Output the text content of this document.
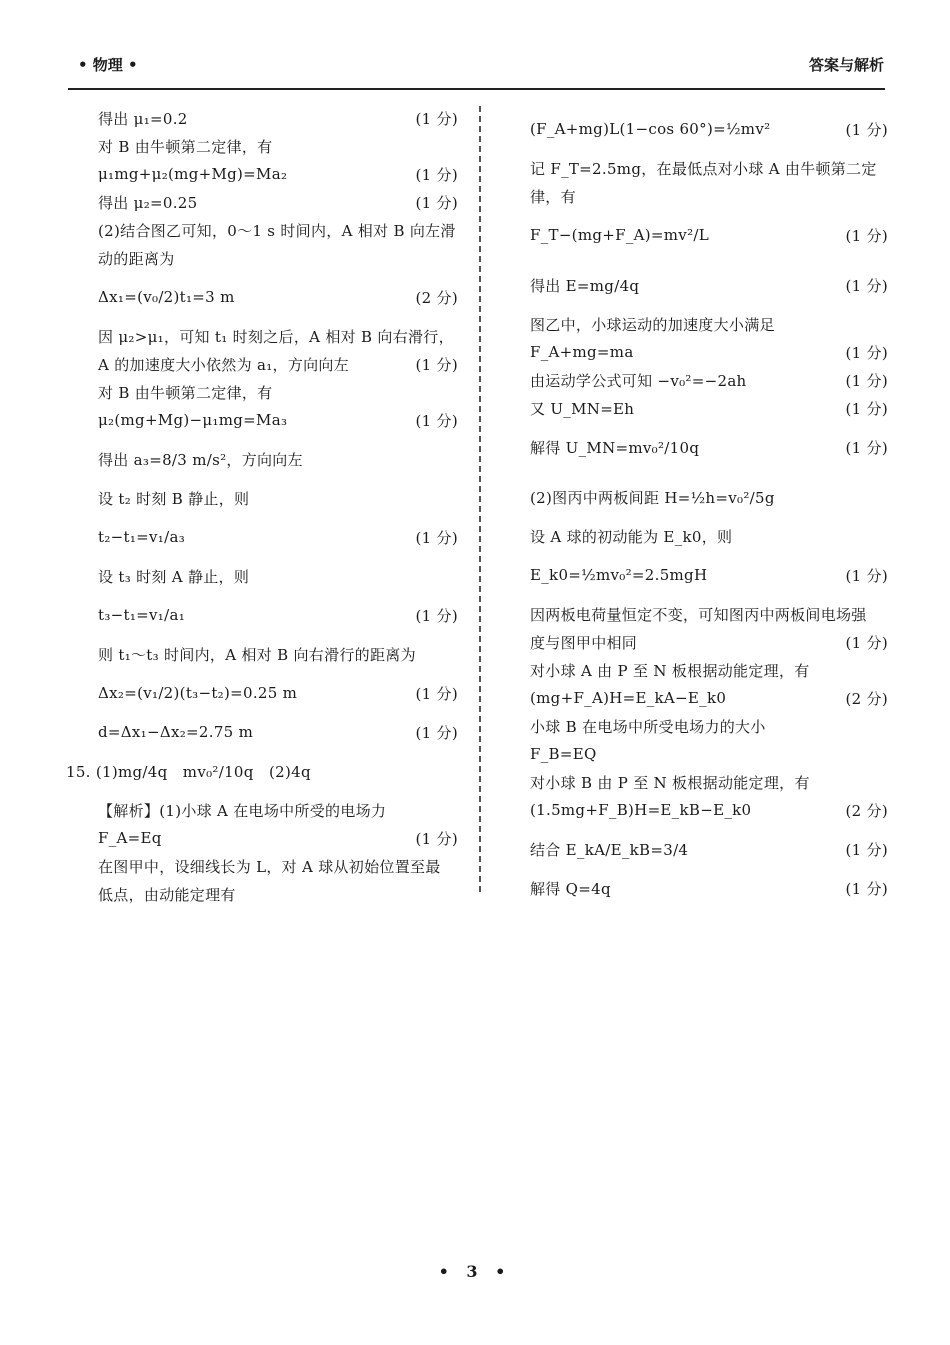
• 物理 •	答案与解析
得出 μ₁=0.2	(1 分)
对 B 由牛顿第二定律，有
μ₁mg+μ₂(mg+Mg)=Ma₂	(1 分)
得出 μ₂=0.25	(1 分)
(2)结合图乙可知，0～1 s 时间内，A 相对 B 向左滑
动的距离为
Δx₁=(v₀/2)t₁=3 m	(2 分)
因 μ₂>μ₁，可知 t₁ 时刻之后，A 相对 B 向右滑行，
A 的加速度大小依然为 a₁，方向向左	(1 分)
对 B 由牛顿第二定律，有
μ₂(mg+Mg)−μ₁mg=Ma₃	(1 分)
得出 a₃=8/3 m/s²，方向向左
设 t₂ 时刻 B 静止，则
t₂−t₁=v₁/a₃	(1 分)
设 t₃ 时刻 A 静止，则
t₃−t₁=v₁/a₁	(1 分)
则 t₁～t₃ 时间内，A 相对 B 向右滑行的距离为
Δx₂=(v₁/2)(t₃−t₂)=0.25 m	(1 分)
d=Δx₁−Δx₂=2.75 m	(1 分)
15. (1)mg/4q　mv₀²/10q　(2)4q
【解析】(1)小球 A 在电场中所受的电场力
F_A=Eq	(1 分)
在图甲中，设细线长为 L，对 A 球从初始位置至最
低点，由动能定理有
(F_A+mg)L(1−cos 60°)=½mv²	(1 分)
记 F_T=2.5mg，在最低点对小球 A 由牛顿第二定
律，有
F_T−(mg+F_A)=mv²/L	(1 分)
得出 E=mg/4q	(1 分)
图乙中，小球运动的加速度大小满足
F_A+mg=ma	(1 分)
由运动学公式可知 −v₀²=−2ah	(1 分)
又 U_MN=Eh	(1 分)
解得 U_MN=mv₀²/10q	(1 分)
(2)图丙中两板间距 H=½h=v₀²/5g
设 A 球的初动能为 E_k0，则
E_k0=½mv₀²=2.5mgH	(1 分)
因两板电荷量恒定不变，可知图丙中两板间电场强
度与图甲中相同	(1 分)
对小球 A 由 P 至 N 板根据动能定理，有
(mg+F_A)H=E_kA−E_k0	(2 分)
小球 B 在电场中所受电场力的大小
F_B=EQ
对小球 B 由 P 至 N 板根据动能定理，有
(1.5mg+F_B)H=E_kB−E_k0	(2 分)
结合 E_kA/E_kB=3/4	(1 分)
解得 Q=4q	(1 分)
• 3 •
